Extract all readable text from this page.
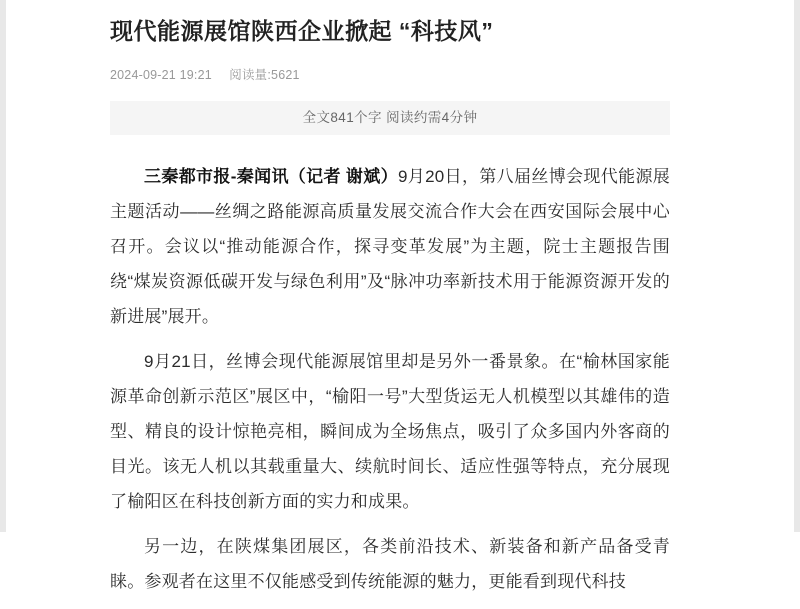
现代能源展馆陕西企业掀起 “科技风”
2024-09-21 19:21 阅读量:5621
全文841个字 阅读约需4分钟

三秦都市报-秦闻讯（记者 谢斌）9月20日，第八届丝博会现代能源展主题活动——丝绸之路能源高质量发展交流合作大会在西安国际会展中心召开。会议以“推动能源合作，探寻变革发展”为主题，院士主题报告围绕“煤炭资源低碳开发与绿色利用”及“脉冲功率新技术用于能源资源开发的新进展”展开。

9月21日，丝博会现代能源展馆里却是另外一番景象。在“榆林国家能源革命创新示范区”展区中，“榆阳一号”大型货运无人机模型以其雄伟的造型、精良的设计惊艳亮相，瞬间成为全场焦点，吸引了众多国内外客商的目光。该无人机以其载重量大、续航时间长、适应性强等特点，充分展现了榆阳区在科技创新方面的实力和成果。

另一边，在陕煤集团展区，各类前沿技术、新装备和新产品备受青睐。参观者在这里不仅能感受到传统能源的魅力，更能看到现代科技
